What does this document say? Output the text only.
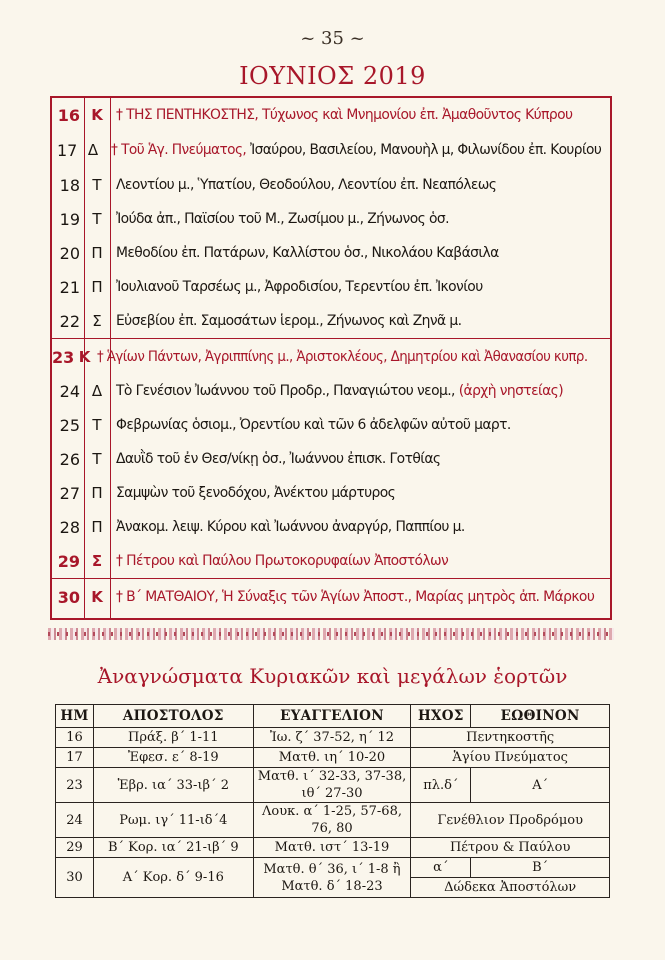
~ 35 ~
ΙΟΥΝΙΟΣ 2019
16 Κ † ΤΗΣ ΠΕΝΤΗΚΟΣΤΗΣ, Τύχωνος καὶ Μνημονίου ἐπ. Ἀμαθοῦντος Κύπρου
17 Δ † Τοῦ Ἁγ. Πνεύματος, Ἰσαύρου, Βασιλείου, Μανουὴλ μ, Φιλωνίδου ἐπ. Κουρίου
18 Τ	Λεοντίου μ., Ὑπατίου, Θεοδούλου, Λεοντίου ἐπ. Νεαπόλεως
19 Τ	Ἰούδα ἀπ., Παϊσίου τοῦ Μ., Ζωσίμου μ., Ζήνωνος ὁσ.
20 Π Μεθοδίου ἐπ. Πατάρων, Καλλίστου ὁσ., Νικολάου Καβάσιλα
21 Π Ἰουλιανοῦ Ταρσέως μ., Ἀφροδισίου, Τερεντίου ἐπ. Ἰκονίου
22 Σ	Εὐσεβίου ἐπ. Σαμοσάτων ἱερομ., Ζήνωνος καὶ Ζηνᾶ μ.
23 Κ † Ἁγίων Πάντων, Ἀγριππίνης μ., Ἀριστοκλέους, Δημητρίου καὶ Ἀθανασίου κυπρ.
24 Δ Τὸ Γενέσιον Ἰωάννου τοῦ Προδρ., Παναγιώτου νεομ., (ἀρχὴ νηστείας)
25 Τ	Φεβρωνίας ὁσιομ., Ὀρεντίου καὶ τῶν 6 ἀδελφῶν αὐτοῦ μαρτ.
26 Τ	Δαυῒδ τοῦ ἐν Θεσ/νίκῃ ὁσ., Ἰωάννου ἐπισκ. Γοτθίας
27 Π Σαμψὼν τοῦ ξενοδόχου, Ἀνέκτου μάρτυρος
28 Π Ἀνακομ. λειψ. Κύρου καὶ Ἰωάννου ἀναργύρ, Παππίου μ.
29 Σ † Πέτρου καὶ Παύλου Πρωτοκορυφαίων Ἀποστόλων
30 Κ † Β΄ ΜΑΤΘΑΙΟΥ, Ἡ Σύναξις τῶν Ἁγίων Ἀποστ., Μαρίας μητρὸς ἀπ. Μάρκου
Ἀναγνώσματα Κυριακῶν καὶ μεγάλων ἑορτῶν
ΗΜ	ΑΠΟΣΤΟΛΟΣ	ΕΥΑΓΓΕΛΙΟΝ	ΗΧΟΣ	ΕΩΘΙΝΟΝ
16	Πράξ. β΄ 1-11	Ἰω. ζ΄ 37-52, η΄ 12	Πεντηκοστῆς	
17	Ἐφεσ. ε΄ 8-19	Ματθ. ιη΄ 10-20	Ἁγίου Πνεύματος	
23	Ἑβρ. ια΄ 33-ιβ΄ 2	Ματθ. ι΄ 32-33, 37-38, ιθ΄ 27-30	πλ.δ΄	Α΄
24	Ρωμ. ιγ΄ 11-ιδ΄4	Λουκ. α΄ 1-25, 57-68, 76, 80	Γενέθλιον Προδρόμου	
29	Β΄ Κορ. ια΄ 21-ιβ΄ 9	Ματθ. ιστ΄ 13-19	Πέτρου & Παύλου	
30	Α΄ Κορ. δ΄ 9-16	Ματθ. θ΄ 36, ι΄ 1-8 ἢ Ματθ. δ΄ 18-23	α΄	Β΄
			Δώδεκα Ἀποστόλων	
